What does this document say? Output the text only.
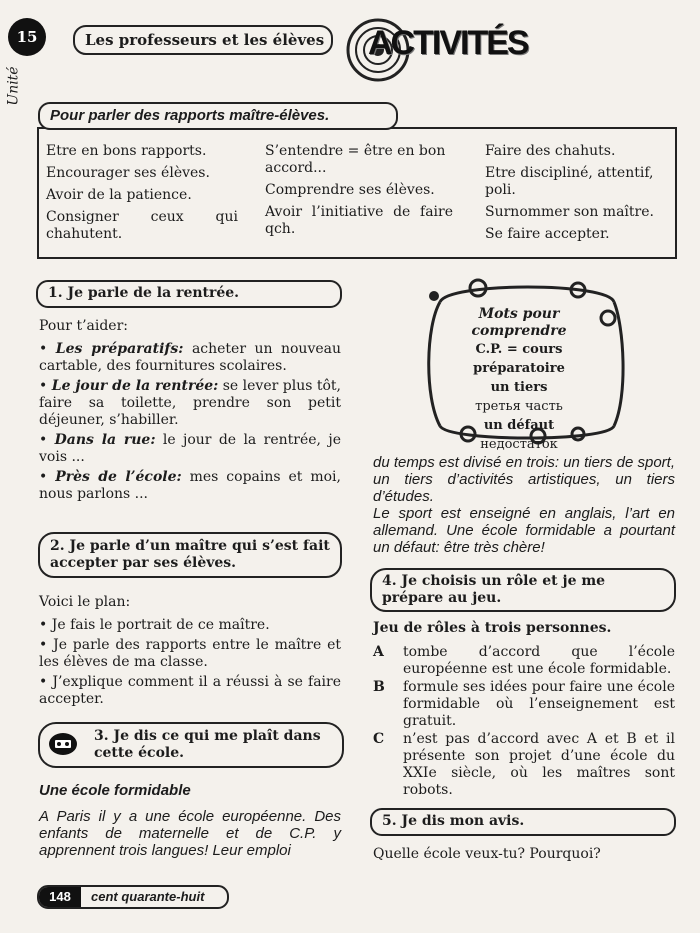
15
Unité
Les professeurs et les élèves ACTIVITÉS
Pour parler des rapports maître-élèves.
Etre en bons rapports.
Encourager ses élèves.
Avoir de la patience.
Consigner ceux qui chahutent.
S’entendre = être en bon accord...
Comprendre ses élèves.
Avoir l’initiative de faire qch.
Faire des chahuts.
Etre discipliné, attentif, poli.
Surnommer son maître.
Se faire accepter.
1. Je parle de la rentrée.
Pour t’aider:
• Les préparatifs: acheter un nouveau cartable, des fournitures scolaires.
• Le jour de la rentrée: se lever plus tôt, faire sa toilette, prendre son petit déjeuner, s’habiller.
• Dans la rue: le jour de la rentrée, je vois ...
• Près de l’école: mes copains et moi, nous parlons ...
2. Je parle d’un maître qui s’est fait accepter par ses élèves.
Voici le plan:
• Je fais le portrait de ce maître.
• Je parle des rapports entre le maître et les élèves de ma classe.
• J’explique comment il a réussi à se faire accepter.
3. Je dis ce qui me plaît dans cette école.
Une école formidable
A Paris il y a une école européenne. Des enfants de maternelle et de C.P. y apprennent trois langues! Leur emploi
Mots pour comprendre
C.P. = cours préparatoire
un tiers
третья часть
un défaut
недостаток
du temps est divisé en trois: un tiers de sport, un tiers d’activités artistiques, un tiers d’études.
Le sport est enseigné en anglais, l’art en allemand. Une école formidable a pourtant un défaut: être très chère!
4. Je choisis un rôle et je me prépare au jeu.
Jeu de rôles à trois personnes.
A tombe d’accord que l’école européenne est une école formidable.
B formule ses idées pour faire une école formidable où l’enseignement est gratuit.
C n’est pas d’accord avec A et B et il présente son projet d’une école du XXIe siècle, où les maîtres sont robots.
5. Je dis mon avis.
Quelle école veux-tu? Pourquoi?
148	cent quarante-huit
